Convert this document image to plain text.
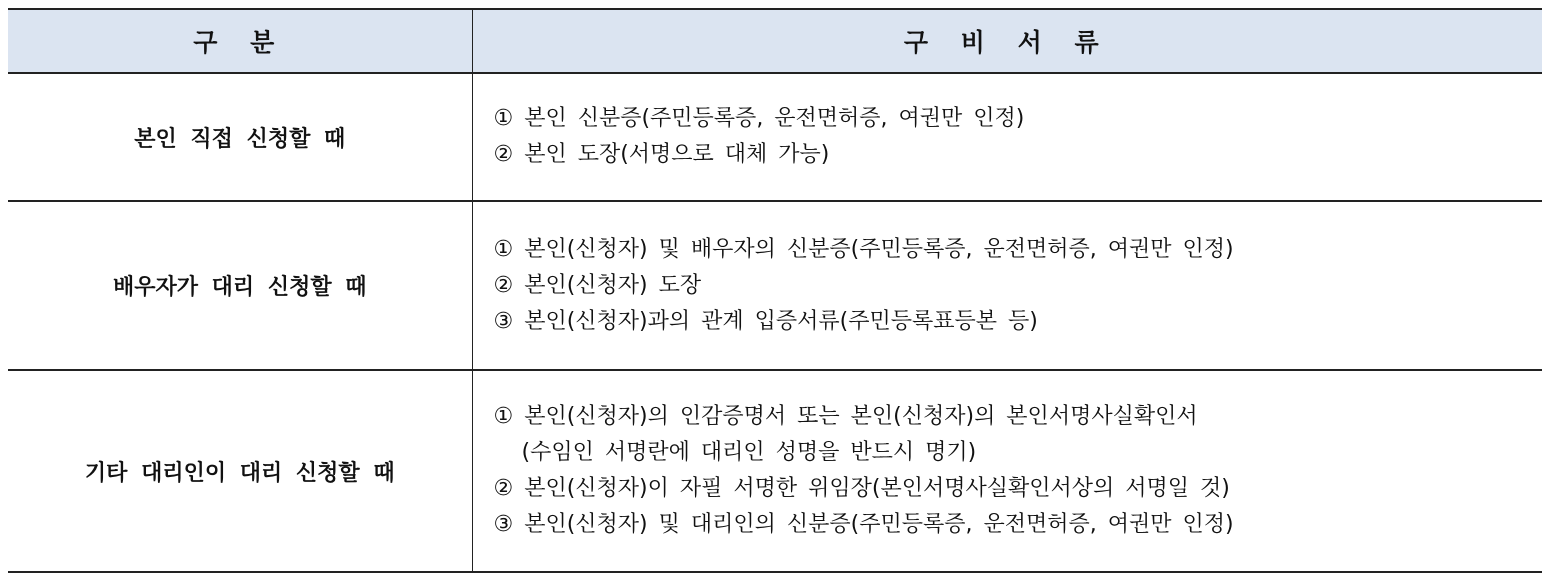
구 분	구 비 서 류
본인 직접 신청할 때	① 본인 신분증(주민등록증, 운전면허증, 여권만 인정)
② 본인 도장(서명으로 대체 가능)

배우자가 대리 신청할 때	① 본인(신청자) 및 배우자의 신분증(주민등록증, 운전면허증, 여권만 인정)
② 본인(신청자) 도장
③ 본인(신청자)과의 관계 입증서류(주민등록표등본 등)

기타 대리인이 대리 신청할 때	① 본인(신청자)의 인감증명서 또는 본인(신청자)의 본인서명사실확인서
(수임인 서명란에 대리인 성명을 반드시 명기)
② 본인(신청자)이 자필 서명한 위임장(본인서명사실확인서상의 서명일 것)
③ 본인(신청자) 및 대리인의 신분증(주민등록증, 운전면허증, 여권만 인정)
